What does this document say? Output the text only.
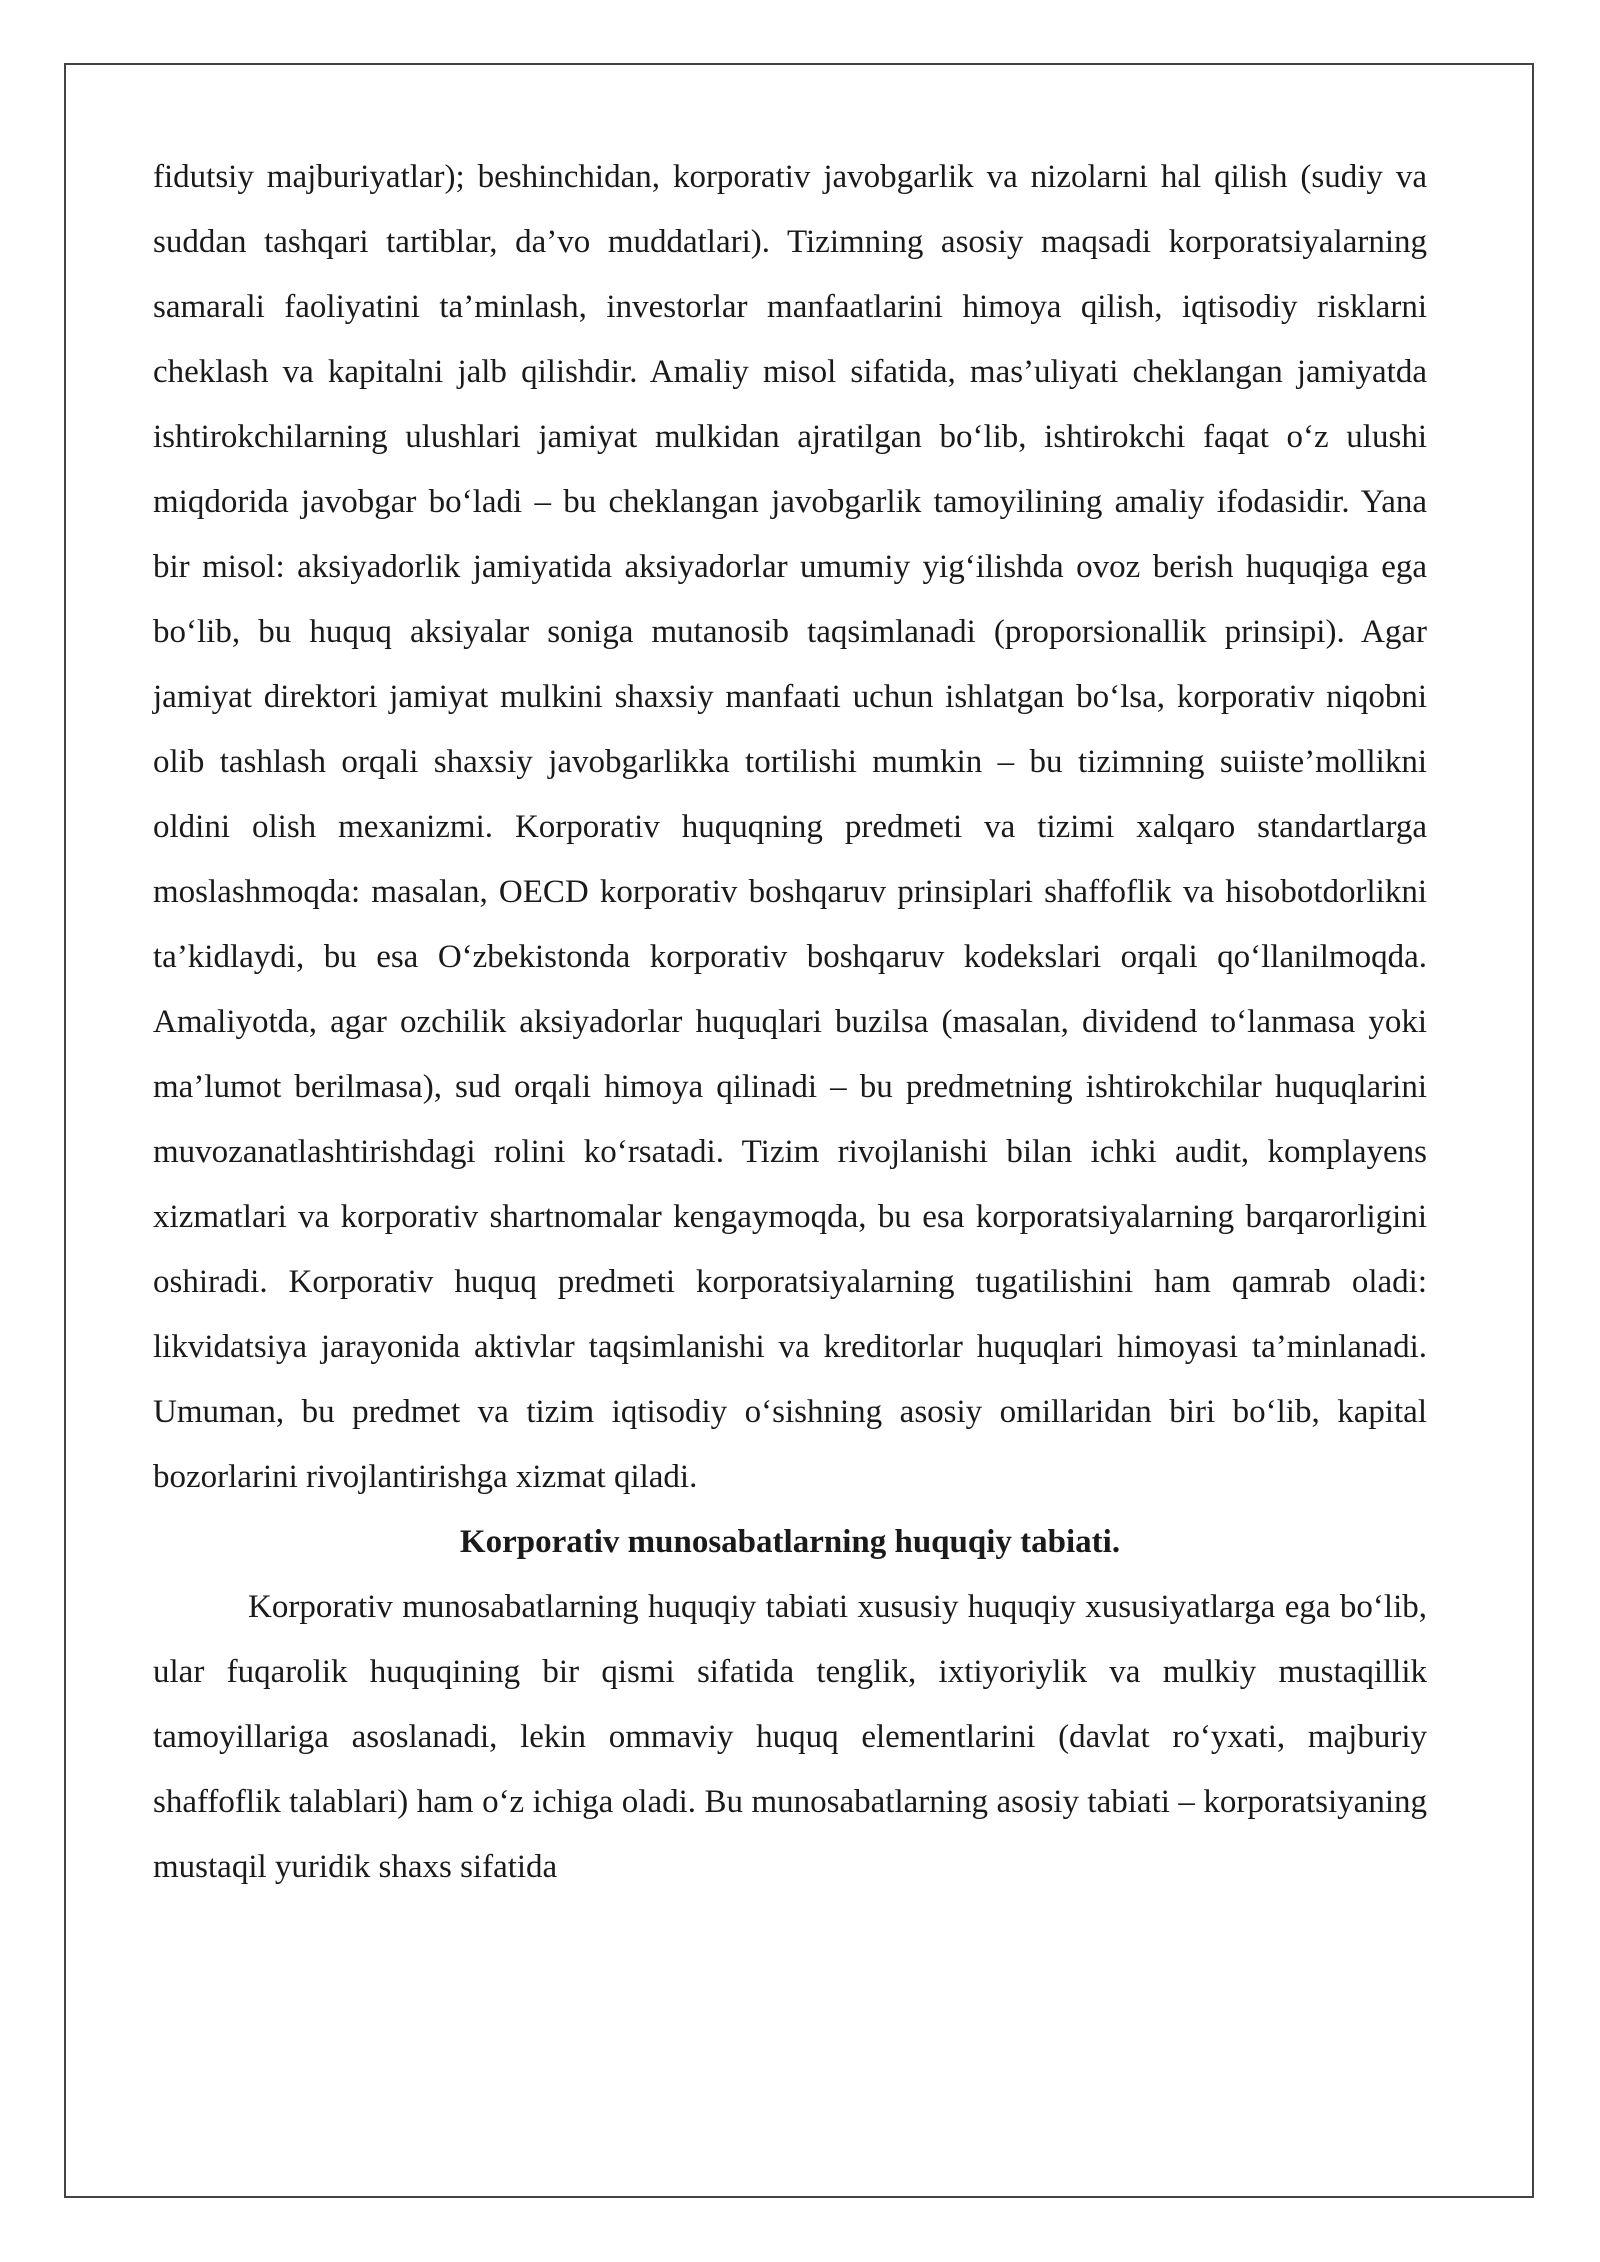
fidutsiy majburiyatlar); beshinchidan, korporativ javobgarlik va nizolarni hal qilish (sudiy va suddan tashqari tartiblar, da’vo muddatlari). Tizimning asosiy maqsadi korporatsiyalarning samarali faoliyatini ta’minlash, investorlar manfaatlarini himoya qilish, iqtisodiy risklarni cheklash va kapitalni jalb qilishdir. Amaliy misol sifatida, mas’uliyati cheklangan jamiyatda ishtirokchilarning ulushlari jamiyat mulkidan ajratilgan bo‘lib, ishtirokchi faqat o‘z ulushi miqdorida javobgar bo‘ladi – bu cheklangan javobgarlik tamoyilining amaliy ifodasidir. Yana bir misol: aksiyadorlik jamiyatida aksiyadorlar umumiy yig‘ilishda ovoz berish huquqiga ega bo‘lib, bu huquq aksiyalar soniga mutanosib taqsimlanadi (proporsionallik prinsipi). Agar jamiyat direktori jamiyat mulkini shaxsiy manfaati uchun ishlatgan bo‘lsa, korporativ niqobni olib tashlash orqali shaxsiy javobgarlikka tortilishi mumkin – bu tizimning suiiste’mollikni oldini olish mexanizmi. Korporativ huquqning predmeti va tizimi xalqaro standartlarga moslashmoqda: masalan, OECD korporativ boshqaruv prinsiplari shaffoflik va hisobotdorlikni ta’kidlaydi, bu esa O‘zbekistonda korporativ boshqaruv kodekslari orqali qo‘llanilmoqda. Amaliyotda, agar ozchilik aksiyadorlar huquqlari buzilsa (masalan, dividend to‘lanmasa yoki ma’lumot berilmasa), sud orqali himoya qilinadi – bu predmetning ishtirokchilar huquqlarini muvozanatlashtirishdagi rolini ko‘rsatadi. Tizim rivojlanishi bilan ichki audit, komplayens xizmatlari va korporativ shartnomalar kengaymoqda, bu esa korporatsiyalarning barqarorligini oshiradi. Korporativ huquq predmeti korporatsiyalarning tugatilishini ham qamrab oladi: likvidatsiya jarayonida aktivlar taqsimlanishi va kreditorlar huquqlari himoyasi ta’minlanadi. Umuman, bu predmet va tizim iqtisodiy o‘sishning asosiy omillaridan biri bo‘lib, kapital bozorlarini rivojlantirishga xizmat qiladi.

Korporativ munosabatlarning huquqiy tabiati.

Korporativ munosabatlarning huquqiy tabiati xususiy huquqiy xususiyatlarga ega bo‘lib, ular fuqarolik huquqining bir qismi sifatida tenglik, ixtiyoriylik va mulkiy mustaqillik tamoyillariga asoslanadi, lekin ommaviy huquq elementlarini (davlat ro‘yxati, majburiy shaffoflik talablari) ham o‘z ichiga oladi. Bu munosabatlarning asosiy tabiati – korporatsiyaning mustaqil yuridik shaxs sifatida
